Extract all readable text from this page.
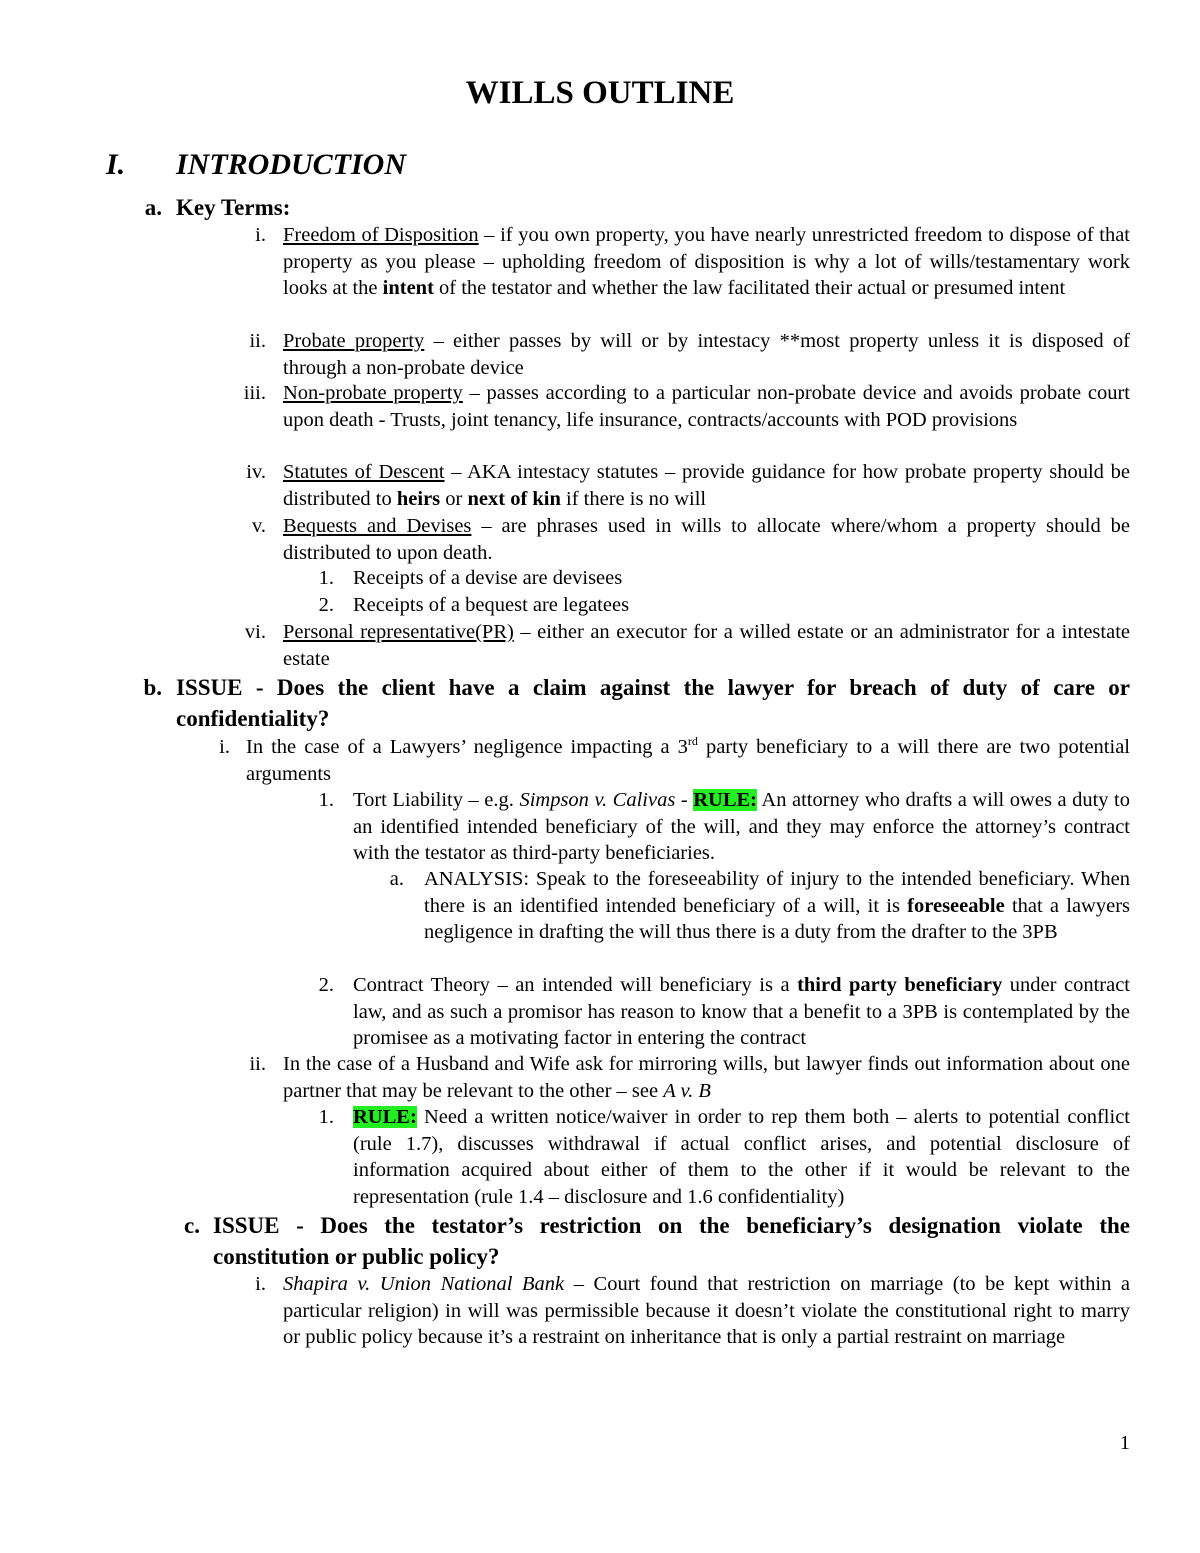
WILLS OUTLINE
I. INTRODUCTION
a. Key Terms:
i. Freedom of Disposition – if you own property, you have nearly unrestricted freedom to dispose of that property as you please – upholding freedom of disposition is why a lot of wills/testamentary work looks at the intent of the testator and whether the law facilitated their actual or presumed intent
ii. Probate property – either passes by will or by intestacy **most property unless it is disposed of through a non-probate device
iii. Non-probate property – passes according to a particular non-probate device and avoids probate court upon death - Trusts, joint tenancy, life insurance, contracts/accounts with POD provisions
iv. Statutes of Descent – AKA intestacy statutes – provide guidance for how probate property should be distributed to heirs or next of kin if there is no will
v. Bequests and Devises – are phrases used in wills to allocate where/whom a property should be distributed to upon death.
1. Receipts of a devise are devisees
2. Receipts of a bequest are legatees
vi. Personal representative(PR) – either an executor for a willed estate or an administrator for a intestate estate
b. ISSUE - Does the client have a claim against the lawyer for breach of duty of care or confidentiality?
i. In the case of a Lawyers’ negligence impacting a 3rd party beneficiary to a will there are two potential arguments
1. Tort Liability – e.g. Simpson v. Calivas - RULE: An attorney who drafts a will owes a duty to an identified intended beneficiary of the will, and they may enforce the attorney’s contract with the testator as third-party beneficiaries.
a. ANALYSIS: Speak to the foreseeability of injury to the intended beneficiary. When there is an identified intended beneficiary of a will, it is foreseeable that a lawyers negligence in drafting the will thus there is a duty from the drafter to the 3PB
2. Contract Theory – an intended will beneficiary is a third party beneficiary under contract law, and as such a promisor has reason to know that a benefit to a 3PB is contemplated by the promisee as a motivating factor in entering the contract
ii. In the case of a Husband and Wife ask for mirroring wills, but lawyer finds out information about one partner that may be relevant to the other – see A v. B
1. RULE: Need a written notice/waiver in order to rep them both – alerts to potential conflict (rule 1.7), discusses withdrawal if actual conflict arises, and potential disclosure of information acquired about either of them to the other if it would be relevant to the representation (rule 1.4 – disclosure and 1.6 confidentiality)
c. ISSUE - Does the testator’s restriction on the beneficiary’s designation violate the constitution or public policy?
i. Shapira v. Union National Bank – Court found that restriction on marriage (to be kept within a particular religion) in will was permissible because it doesn’t violate the constitutional right to marry or public policy because it’s a restraint on inheritance that is only a partial restraint on marriage
1
